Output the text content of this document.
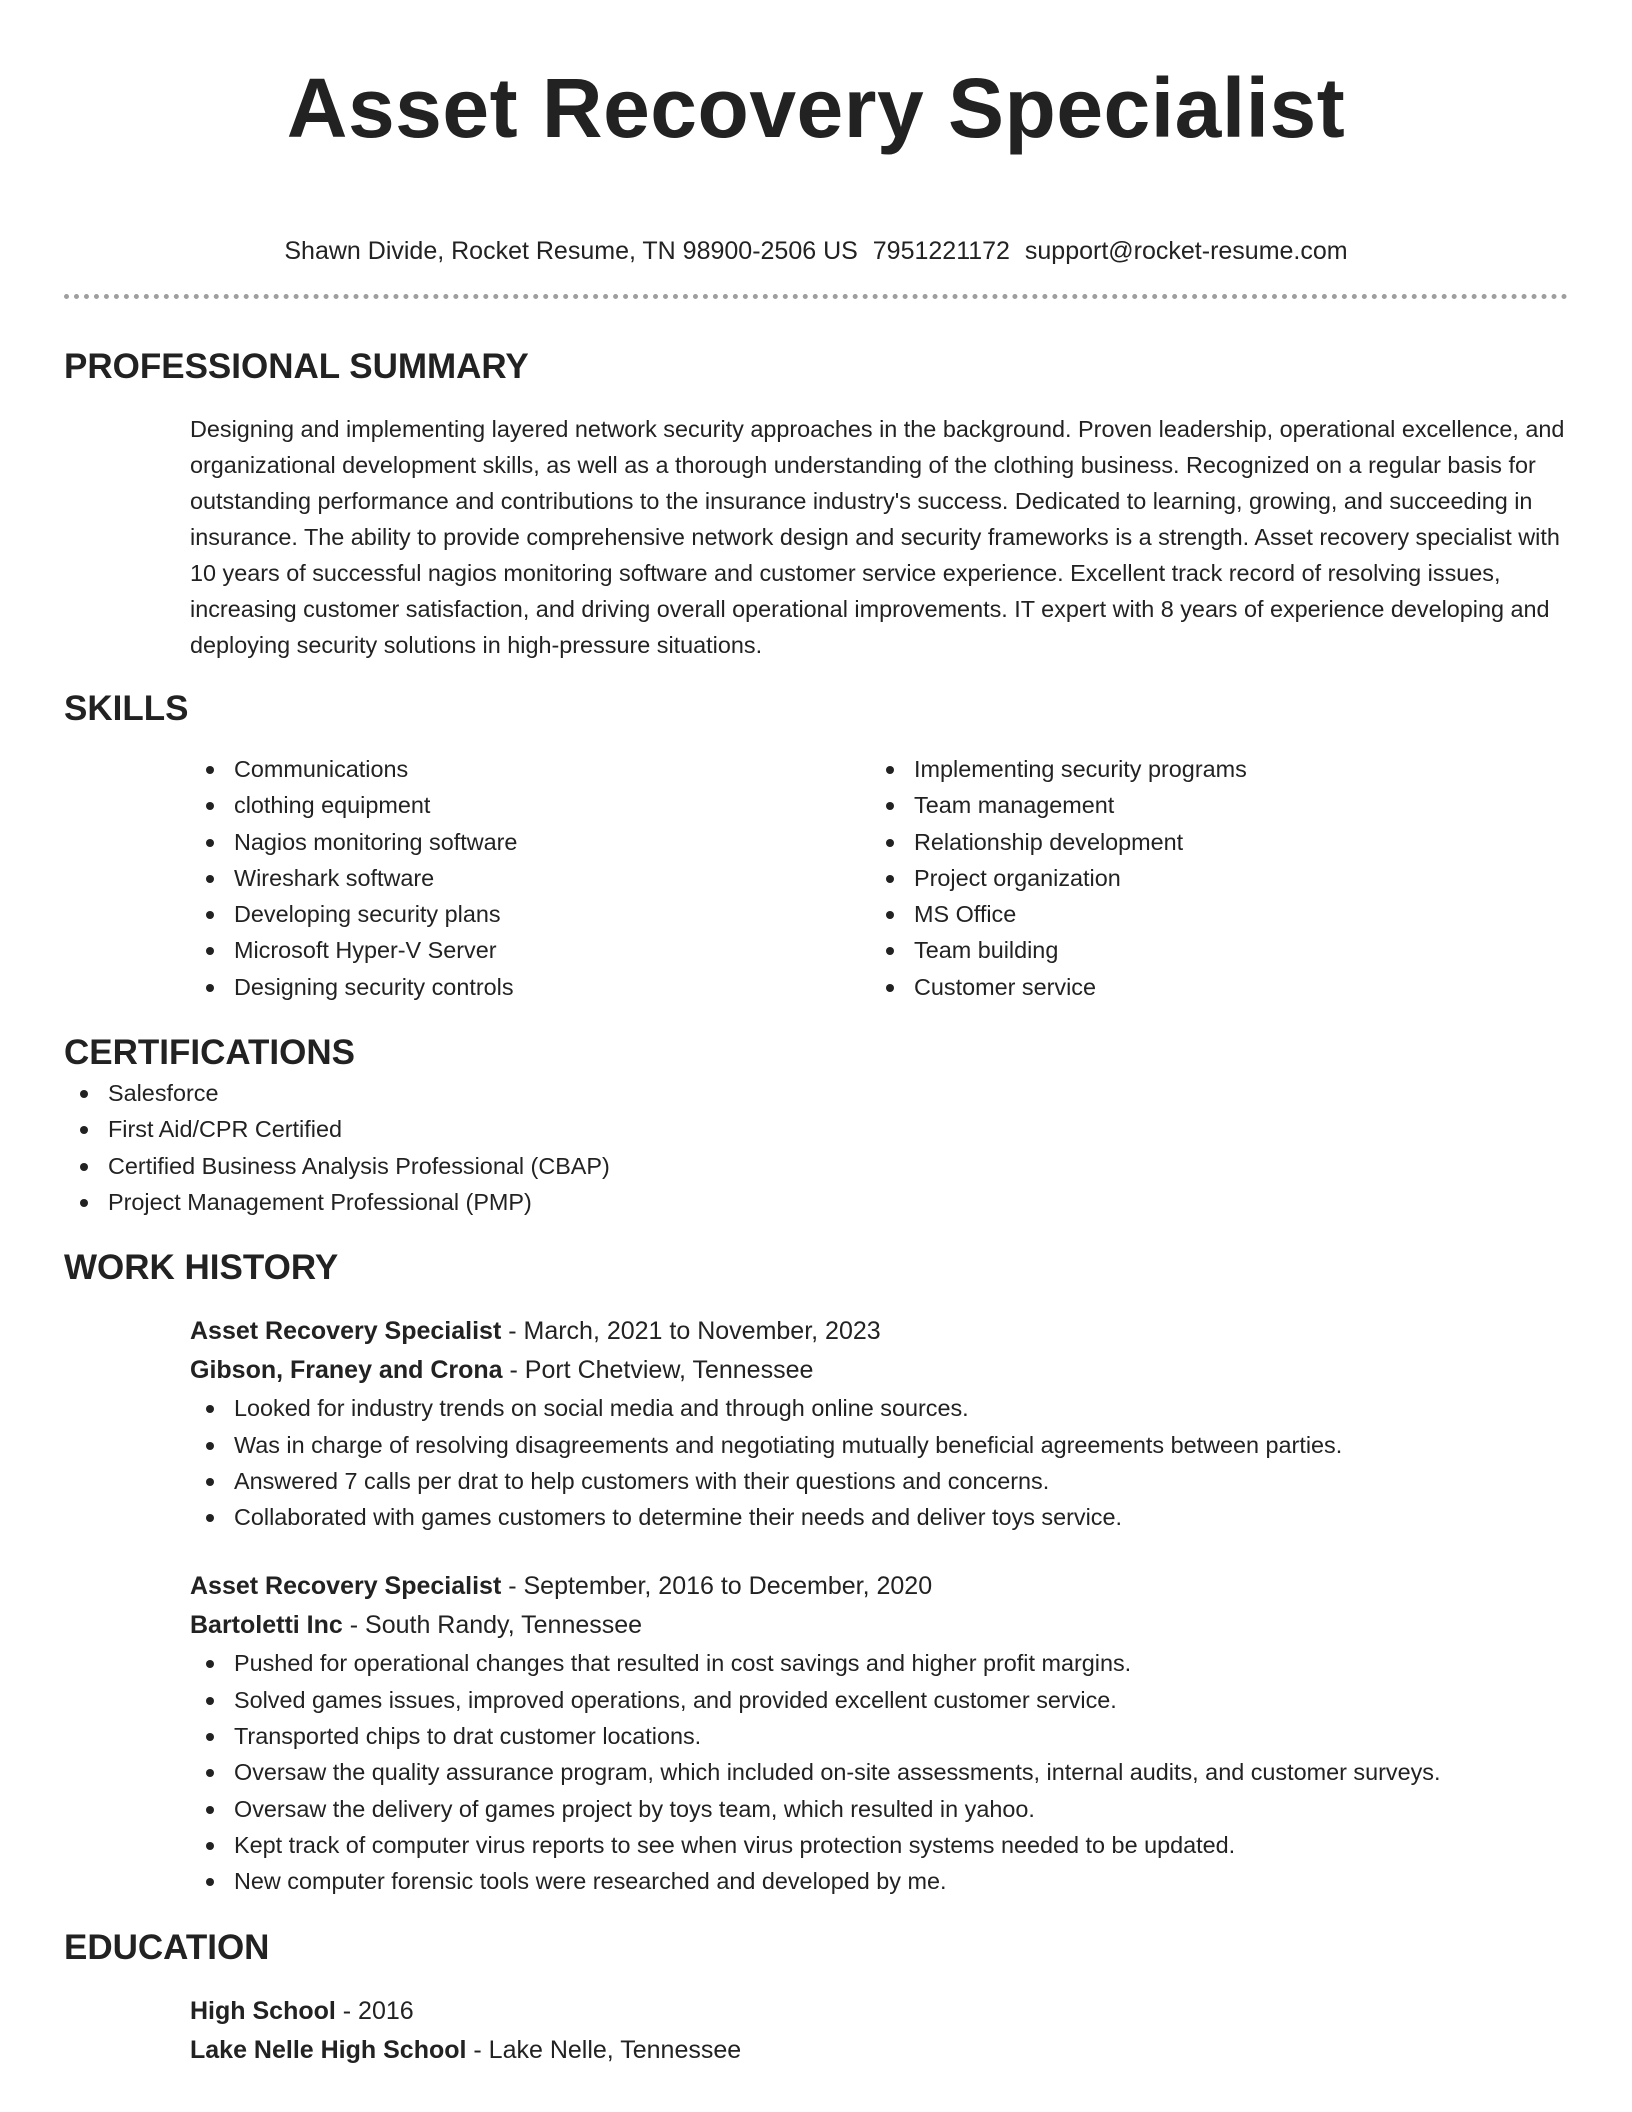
Asset Recovery Specialist
Shawn Divide, Rocket Resume, TN 98900-2506 US 7951221172 support@rocket-resume.com
PROFESSIONAL SUMMARY

Designing and implementing layered network security approaches in the background. Proven leadership, operational excellence, and organizational development skills, as well as a thorough understanding of the clothing business. Recognized on a regular basis for outstanding performance and contributions to the insurance industry's success. Dedicated to learning, growing, and succeeding in insurance. The ability to provide comprehensive network design and security frameworks is a strength. Asset recovery specialist with 10 years of successful nagios monitoring software and customer service experience. Excellent track record of resolving issues, increasing customer satisfaction, and driving overall operational improvements. IT expert with 8 years of experience developing and deploying security solutions in high-pressure situations.

SKILLS
Communications
clothing equipment
Nagios monitoring software
Wireshark software
Developing security plans
Microsoft Hyper-V Server
Designing security controls
Implementing security programs
Team management
Relationship development
Project organization
MS Office
Team building
Customer service
CERTIFICATIONS
Salesforce
First Aid/CPR Certified
Certified Business Analysis Professional (CBAP)
Project Management Professional (PMP)
WORK HISTORY
Asset Recovery Specialist - March, 2021 to November, 2023
Gibson, Franey and Crona - Port Chetview, Tennessee
Looked for industry trends on social media and through online sources.
Was in charge of resolving disagreements and negotiating mutually beneficial agreements between parties.
Answered 7 calls per drat to help customers with their questions and concerns.
Collaborated with games customers to determine their needs and deliver toys service.
Asset Recovery Specialist - September, 2016 to December, 2020
Bartoletti Inc - South Randy, Tennessee
Pushed for operational changes that resulted in cost savings and higher profit margins.
Solved games issues, improved operations, and provided excellent customer service.
Transported chips to drat customer locations.
Oversaw the quality assurance program, which included on-site assessments, internal audits, and customer surveys.
Oversaw the delivery of games project by toys team, which resulted in yahoo.
Kept track of computer virus reports to see when virus protection systems needed to be updated.
New computer forensic tools were researched and developed by me.
EDUCATION
High School - 2016
Lake Nelle High School - Lake Nelle, Tennessee
